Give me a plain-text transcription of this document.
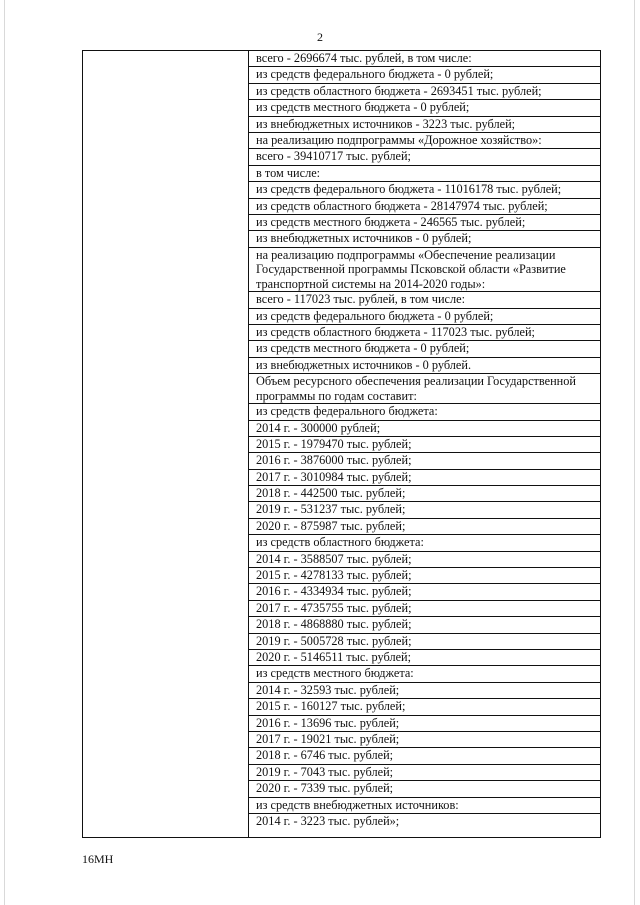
2
всего - 2696674 тыс. рублей, в том числе:
из средств федерального бюджета - 0 рублей;
из средств областного бюджета - 2693451 тыс. рублей;
из средств местного бюджета - 0 рублей;
из внебюджетных источников - 3223 тыс. рублей;
на реализацию подпрограммы «Дорожное хозяйство»:
всего - 39410717 тыс. рублей;
в том числе:
из средств федерального бюджета - 11016178 тыс. рублей;
из средств областного бюджета - 28147974 тыс. рублей;
из средств местного бюджета - 246565 тыс. рублей;
из внебюджетных источников - 0 рублей;
на реализацию подпрограммы «Обеспечение реализации Государственной программы Псковской области «Развитие транспортной системы на 2014-2020 годы»:
всего - 117023 тыс. рублей, в том числе:
из средств федерального бюджета - 0 рублей;
из средств областного бюджета - 117023 тыс. рублей;
из средств местного бюджета - 0 рублей;
из внебюджетных источников - 0 рублей.
Объем ресурсного обеспечения реализации Государственной программы по годам составит:
из средств федерального бюджета:
2014 г. - 300000 рублей;
2015 г. - 1979470 тыс. рублей;
2016 г. - 3876000 тыс. рублей;
2017 г. - 3010984 тыс. рублей;
2018 г. - 442500 тыс. рублей;
2019 г. - 531237 тыс. рублей;
2020 г. - 875987 тыс. рублей;
из средств областного бюджета:
2014 г. - 3588507 тыс. рублей;
2015 г. - 4278133 тыс. рублей;
2016 г. - 4334934 тыс. рублей;
2017 г. - 4735755 тыс. рублей;
2018 г. - 4868880 тыс. рублей;
2019 г. - 5005728 тыс. рублей;
2020 г. - 5146511 тыс. рублей;
из средств местного бюджета:
2014 г. - 32593 тыс. рублей;
2015 г. - 160127 тыс. рублей;
2016 г. - 13696 тыс. рублей;
2017 г. - 19021 тыс. рублей;
2018 г. - 6746 тыс. рублей;
2019 г. - 7043 тыс. рублей;
2020 г. - 7339 тыс. рублей;
из средств внебюджетных источников:
2014 г. - 3223 тыс. рублей»;
16МН
